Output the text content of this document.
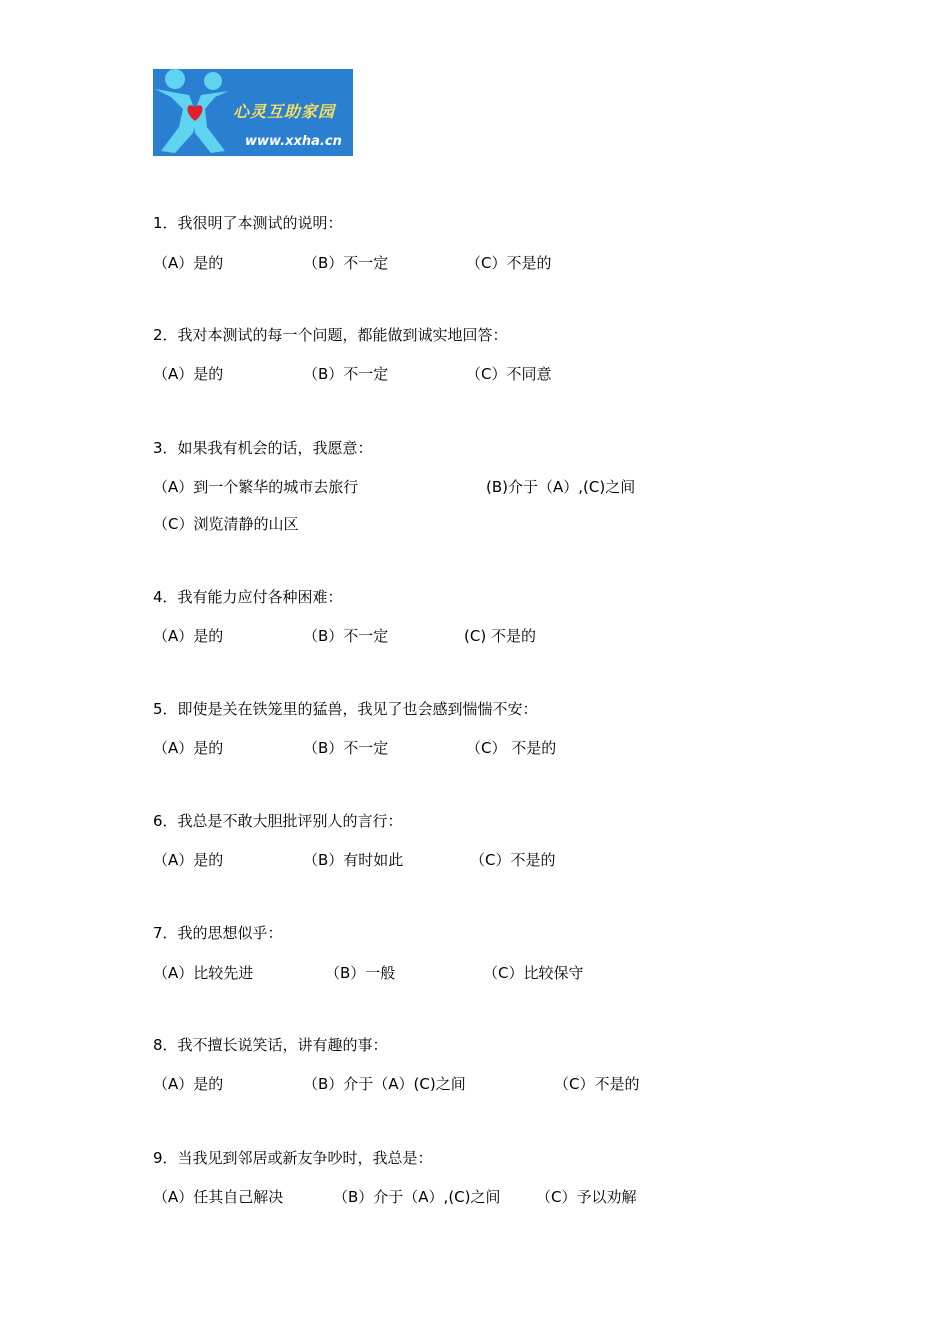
心灵互助家园
www.xxha.cn
1．我很明了本测试的说明：
（A）是的	（B）不一定	（C）不是的
2．我对本测试的每一个问题，都能做到诚实地回答：
（A）是的	（B）不一定	（C）不同意
3．如果我有机会的话，我愿意：
（A）到一个繁华的城市去旅行	(B)介于（A）,(C)之间
（C）浏览清静的山区
4．我有能力应付各种困难：
（A）是的	（B）不一定	(C) 不是的
5．即使是关在铁笼里的猛兽，我见了也会感到惴惴不安：
（A）是的	（B）不一定	（C） 不是的
6．我总是不敢大胆批评别人的言行：
（A）是的	（B）有时如此	（C）不是的
7．我的思想似乎：
（A）比较先进	（B）一般	（C）比较保守
8．我不擅长说笑话，讲有趣的事：
（A）是的	（B）介于（A）(C)之间	（C）不是的
9．当我见到邻居或新友争吵时，我总是：
（A）任其自己解决	（B）介于（A）,(C)之间 （C）予以劝解
